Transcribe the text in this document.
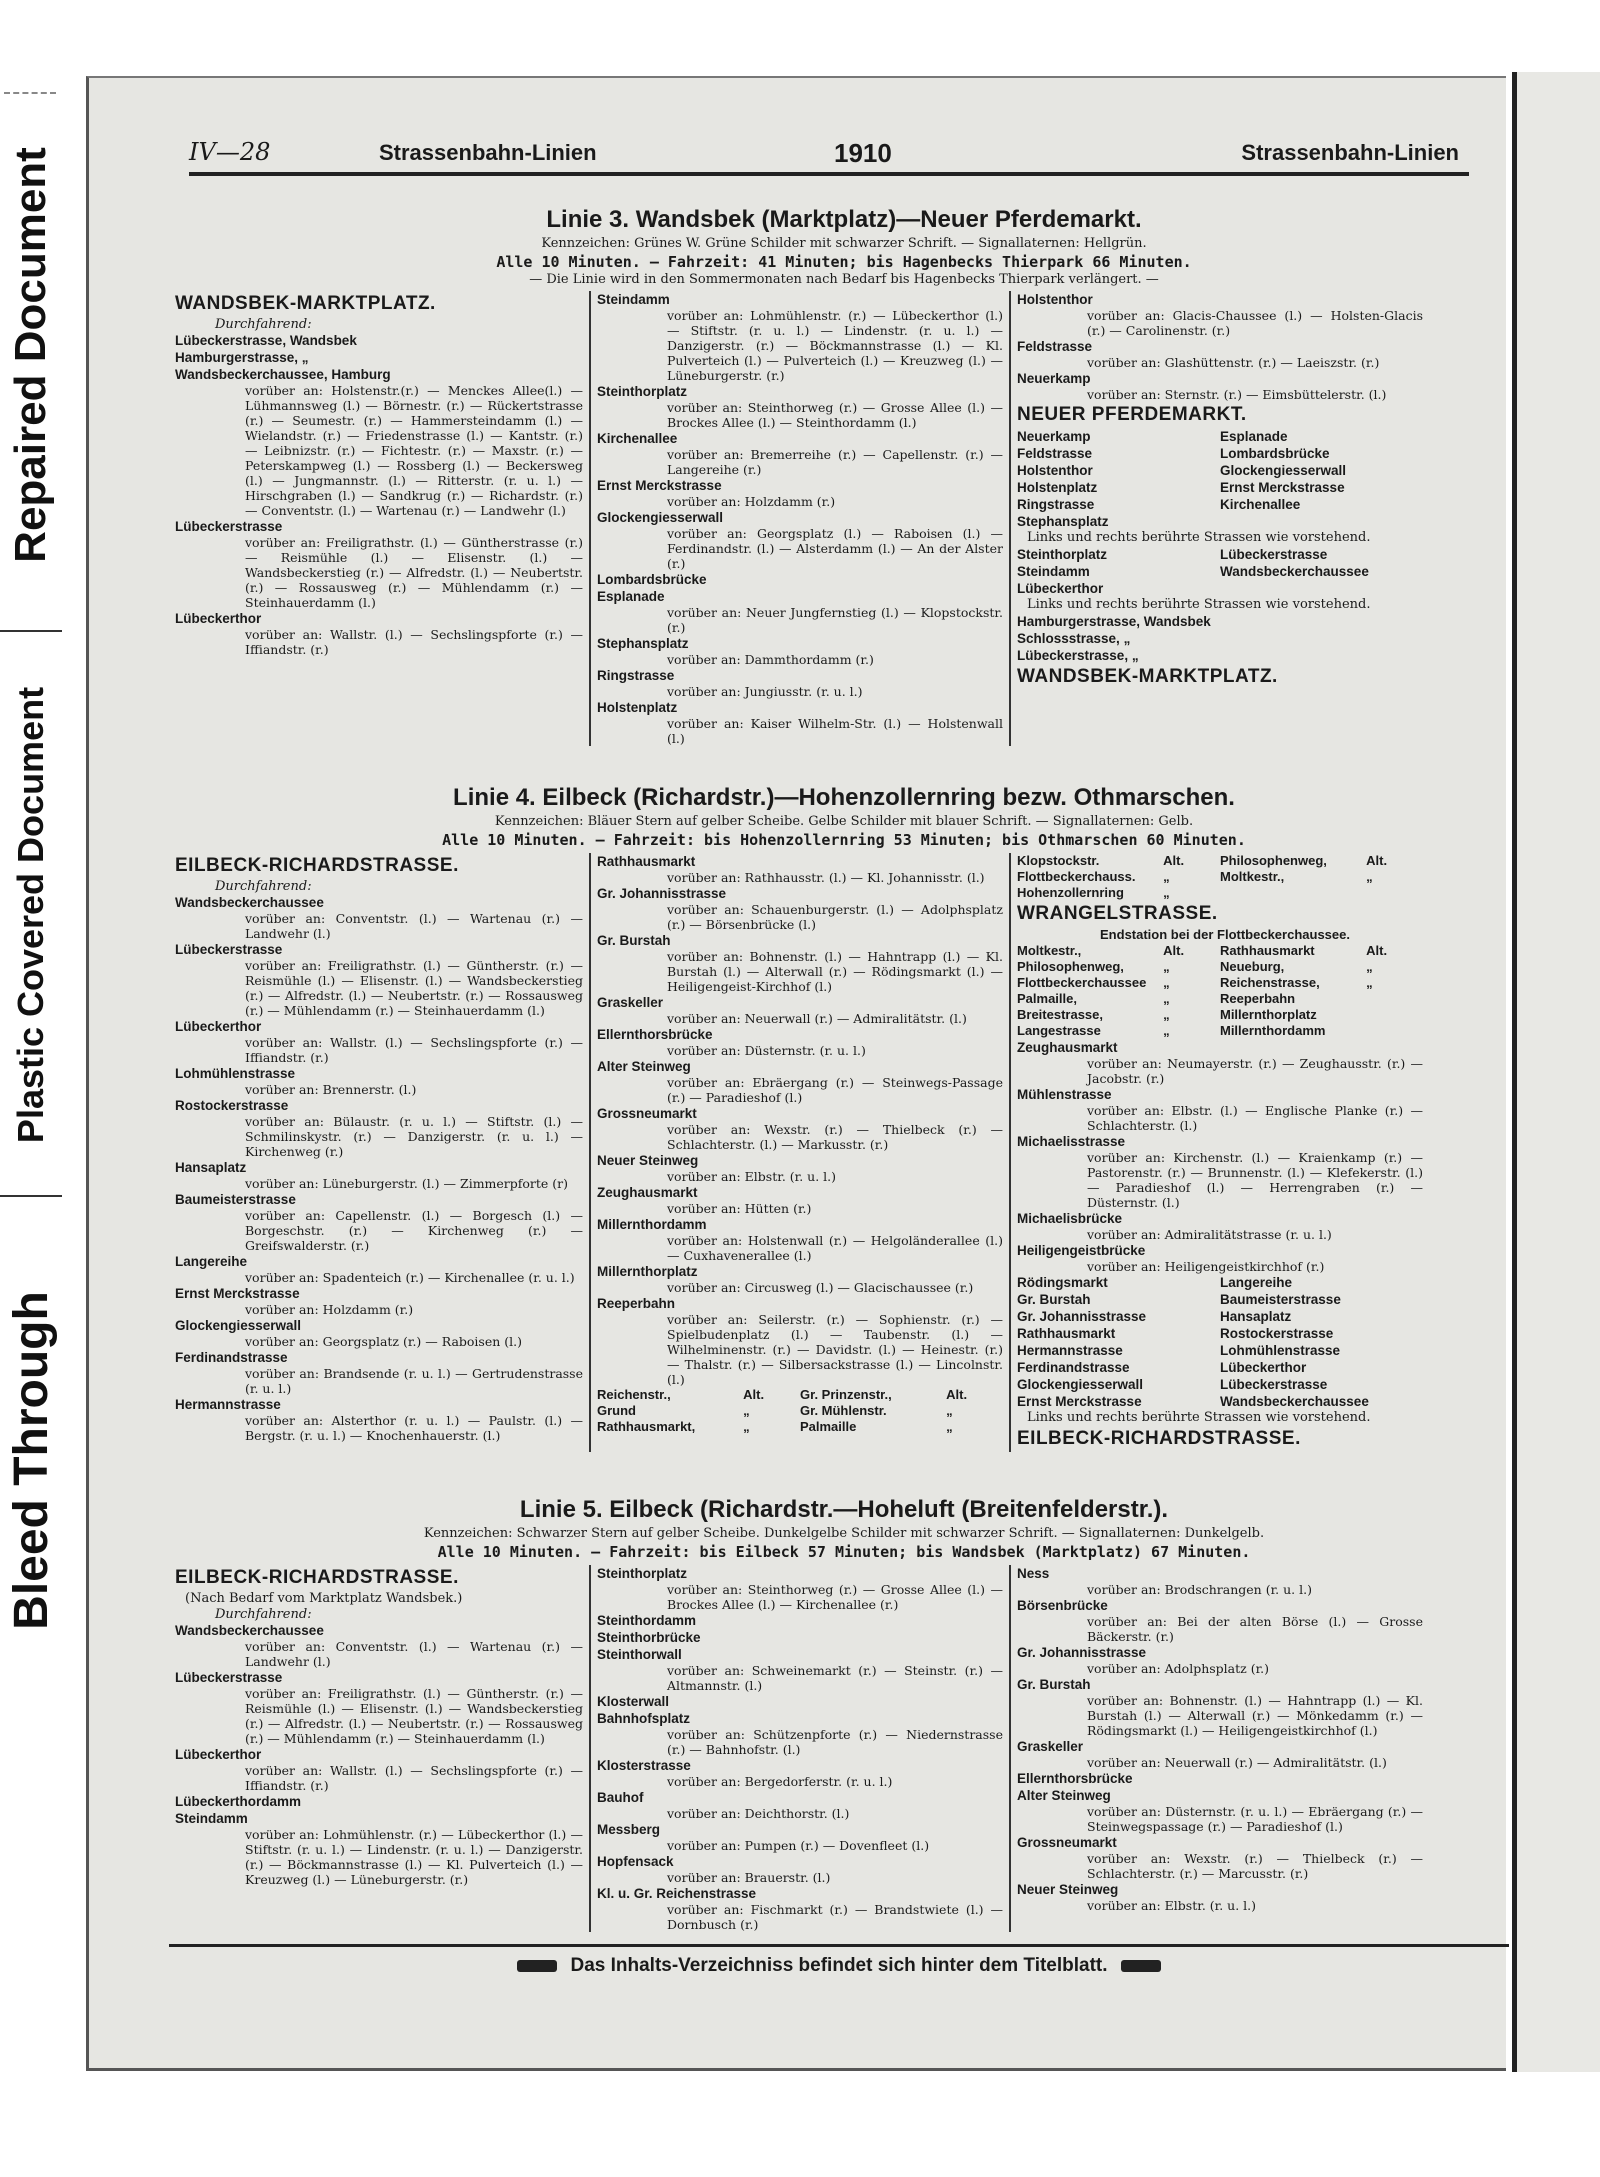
Repaired Document
Plastic Covered Document
Bleed Through
IV—28	Strassenbahn-Linien	1910	Strassenbahn-Linien

Linie 3. Wandsbek (Marktplatz)—Neuer Pferdemarkt.

Kennzeichen: Grünes W. Grüne Schilder mit schwarzer Schrift. — Signallaternen: Hellgrün.

Alle 10 Minuten. — Fahrzeit: 41 Minuten; bis Hagenbecks Thierpark 66 Minuten.

— Die Linie wird in den Sommermonaten nach Bedarf bis Hagenbecks Thierpark verlängert. —

WANDSBEK-MARKTPLATZ.
Durchfahrend:
Lübeckerstrasse, Wandsbek
Hamburgerstrasse, „
Wandsbeckerchaussee, Hamburg
vorüber an: Holstenstr.(r.) — Menckes Allee(l.) — Lühmannsweg (l.) — Börnestr. (r.) — Rückertstrasse (r.) — Seumestr. (r.) — Hammersteindamm (l.) — Wielandstr. (r.) — Friedenstrasse (l.) — Kantstr. (r.) — Leibnizstr. (r.) — Fichtestr. (r.) — Maxstr. (r.) — Peterskampweg (l.) — Rossberg (l.) — Beckersweg (l.) — Jungmannstr. (l.) — Ritterstr. (r. u. l.) — Hirschgraben (l.) — Sandkrug (r.) — Richardstr. (r.) — Conventstr. (l.) — Wartenau (r.) — Landwehr (l.)
Lübeckerstrasse
vorüber an: Freiligrathstr. (l.) — Güntherstrasse (r.) — Reismühle (l.) — Elisenstr. (l.) — Wandsbeckerstieg (r.) — Alfredstr. (l.) — Neubertstr. (r.) — Rossausweg (r.) — Mühlendamm (r.) — Steinhauerdamm (l.)
Lübeckerthor
vorüber an: Wallstr. (l.) — Sechslingspforte (r.) — Iffiandstr. (r.)
Steindamm
vorüber an: Lohmühlenstr. (r.) — Lübeckerthor (l.) — Stiftstr. (r. u. l.) — Lindenstr. (r. u. l.) — Danzigerstr. (r.) — Böckmannstrasse (l.) — Kl. Pulverteich (l.) — Pulverteich (l.) — Kreuzweg (l.) — Lüneburgerstr. (r.)
Steinthorplatz
vorüber an: Steinthorweg (r.) — Grosse Allee (l.) — Brockes Allee (l.) — Steinthordamm (l.)
Kirchenallee
vorüber an: Bremerreihe (r.) — Capellenstr. (r.) — Langereihe (r.)
Ernst Merckstrasse
vorüber an: Holzdamm (r.)
Glockengiesserwall
vorüber an: Georgsplatz (l.) — Raboisen (l.) — Ferdinandstr. (l.) — Alsterdamm (l.) — An der Alster (r.)
Lombardsbrücke
Esplanade
vorüber an: Neuer Jungfernstieg (l.) — Klopstockstr. (r.)
Stephansplatz
vorüber an: Dammthordamm (r.)
Ringstrasse
vorüber an: Jungiusstr. (r. u. l.)
Holstenplatz
vorüber an: Kaiser Wilhelm-Str. (l.) — Holstenwall (l.)
Holstenthor
vorüber an: Glacis-Chaussee (l.) — Holsten-Glacis (r.) — Carolinenstr. (r.)
Feldstrasse
vorüber an: Glashüttenstr. (r.) — Laeiszstr. (r.)
Neuerkamp
vorüber an: Sternstr. (r.) — Eimsbüttelerstr. (l.)
NEUER PFERDEMARKT.
Neuerkamp	Esplanade
Feldstrasse	Lombardsbrücke
Holstenthor	Glockengiesserwall
Holstenplatz	Ernst Merckstrasse
Ringstrasse	Kirchenallee
Stephansplatz
Links und rechts berührte Strassen wie vorstehend.
Steinthorplatz	Lübeckerstrasse
Steindamm	Wandsbeckerchaussee
Lübeckerthor
Links und rechts berührte Strassen wie vorstehend.
Hamburgerstrasse, Wandsbek
Schlossstrasse, „
Lübeckerstrasse, „
WANDSBEK-MARKTPLATZ.

Linie 4. Eilbeck (Richardstr.)—Hohenzollernring bezw. Othmarschen.

Kennzeichen: Bläuer Stern auf gelber Scheibe. Gelbe Schilder mit blauer Schrift. — Signallaternen: Gelb.

Alle 10 Minuten. — Fahrzeit: bis Hohenzollernring 53 Minuten; bis Othmarschen 60 Minuten.

EILBECK-RICHARDSTRASSE.
Durchfahrend:
Wandsbeckerchaussee
vorüber an: Conventstr. (l.) — Wartenau (r.) — Landwehr (l.)
Lübeckerstrasse
vorüber an: Freiligrathstr. (l.) — Güntherstr. (r.) — Reismühle (l.) — Elisenstr. (l.) — Wandsbeckerstieg (r.) — Alfredstr. (l.) — Neubertstr. (r.) — Rossausweg (r.) — Mühlendamm (r.) — Steinhauerdamm (l.)
Lübeckerthor
vorüber an: Wallstr. (l.) — Sechslingspforte (r.) — Iffiandstr. (r.)
Lohmühlenstrasse
vorüber an: Brennerstr. (l.)
Rostockerstrasse
vorüber an: Bülaustr. (r. u. l.) — Stiftstr. (l.) — Schmilinskystr. (r.) — Danzigerstr. (r. u. l.) — Kirchenweg (r.)
Hansaplatz
vorüber an: Lüneburgerstr. (l.) — Zimmerpforte (r)
Baumeisterstrasse
vorüber an: Capellenstr. (l.) — Borgesch (l.) — Borgeschstr. (r.) — Kirchenweg (r.) — Greifswalderstr. (r.)
Langereihe
vorüber an: Spadenteich (r.) — Kirchenallee (r. u. l.)
Ernst Merckstrasse
vorüber an: Holzdamm (r.)
Glockengiesserwall
vorüber an: Georgsplatz (r.) — Raboisen (l.)
Ferdinandstrasse
vorüber an: Brandsende (r. u. l.) — Gertrudenstrasse (r. u. l.)
Hermannstrasse
vorüber an: Alsterthor (r. u. l.) — Paulstr. (l.) — Bergstr. (r. u. l.) — Knochenhauerstr. (l.)
Rathhausmarkt
vorüber an: Rathhausstr. (l.) — Kl. Johannisstr. (l.)
Gr. Johannisstrasse
vorüber an: Schauenburgerstr. (l.) — Adolphsplatz (r.) — Börsenbrücke (l.)
Gr. Burstah
vorüber an: Bohnenstr. (l.) — Hahntrapp (l.) — Kl. Burstah (l.) — Alterwall (r.) — Rödingsmarkt (l.) — Heiligengeist-Kirchhof (l.)
Graskeller
vorüber an: Neuerwall (r.) — Admiralitätstr. (l.)
Ellernthorsbrücke
vorüber an: Düsternstr. (r. u. l.)
Alter Steinweg
vorüber an: Ebräergang (r.) — Steinwegs-Passage (r.) — Paradieshof (l.)
Grossneumarkt
vorüber an: Wexstr. (r.) — Thielbeck (r.) — Schlachterstr. (l.) — Markusstr. (r.)
Neuer Steinweg
vorüber an: Elbstr. (r. u. l.)
Zeughausmarkt
vorüber an: Hütten (r.)
Millernthordamm
vorüber an: Holstenwall (r.) — Helgoländerallee (l.) — Cuxhavenerallee (l.)
Millernthorplatz
vorüber an: Circusweg (l.) — Glacischaussee (r.)
Reeperbahn
vorüber an: Seilerstr. (r.) — Sophienstr. (r.) — Spielbudenplatz (l.) — Taubenstr. (l.) — Wilhelminenstr. (r.) — Davidstr. (l.) — Heinestr. (r.) — Thalstr. (r.) — Silbersackstrasse (l.) — Lincolnstr. (l.)
Reichenstr.,	Alt.	Gr. Prinzenstr.,	Alt.
Grund	„	Gr. Mühlenstr.	„
Rathhausmarkt,	„	Palmaille	„
Klopstockstr.	Alt.	Philosophenweg,	Alt.
Flottbeckerchauss.	„	Moltkestr.,	„
Hohenzollernring	„
WRANGELSTRASSE.
Endstation bei der Flottbeckerchaussee.
Moltkestr.,	Alt.	Rathhausmarkt	Alt.
Philosophenweg,	„	Neueburg,	„
Flottbeckerchaussee	„	Reichenstrasse,	„
Palmaille,	„	Reeperbahn
Breitestrasse,	„	Millernthorplatz
Langestrasse	„	Millernthordamm
Zeughausmarkt
vorüber an: Neumayerstr. (r.) — Zeughausstr. (r.) — Jacobstr. (r.)
Mühlenstrasse
vorüber an: Elbstr. (l.) — Englische Planke (r.) — Schlachterstr. (l.)
Michaelisstrasse
vorüber an: Kirchenstr. (l.) — Kraienkamp (r.) — Pastorenstr. (r.) — Brunnenstr. (l.) — Klefekerstr. (l.) — Paradieshof (l.) — Herrengraben (r.) — Düsternstr. (l.)
Michaelisbrücke
vorüber an: Admiralitätstrasse (r. u. l.)
Heiligengeistbrücke
vorüber an: Heiligengeistkirchhof (r.)
Rödingsmarkt	Langereihe
Gr. Burstah	Baumeisterstrasse
Gr. Johannisstrasse	Hansaplatz
Rathhausmarkt	Rostockerstrasse
Hermannstrasse	Lohmühlenstrasse
Ferdinandstrasse	Lübeckerthor
Glockengiesserwall	Lübeckerstrasse
Ernst Merckstrasse	Wandsbeckerchaussee
Links und rechts berührte Strassen wie vorstehend.
EILBECK-RICHARDSTRASSE.

Linie 5. Eilbeck (Richardstr.—Hoheluft (Breitenfelderstr.).

Kennzeichen: Schwarzer Stern auf gelber Scheibe. Dunkelgelbe Schilder mit schwarzer Schrift. — Signallaternen: Dunkelgelb.

Alle 10 Minuten. — Fahrzeit: bis Eilbeck 57 Minuten; bis Wandsbek (Marktplatz) 67 Minuten.

EILBECK-RICHARDSTRASSE.
(Nach Bedarf vom Marktplatz Wandsbek.)
Durchfahrend:
Wandsbeckerchaussee
vorüber an: Conventstr. (l.) — Wartenau (r.) — Landwehr (l.)
Lübeckerstrasse
vorüber an: Freiligrathstr. (l.) — Güntherstr. (r.) — Reismühle (l.) — Elisenstr. (l.) — Wandsbeckerstieg (r.) — Alfredstr. (l.) — Neubertstr. (r.) — Rossausweg (r.) — Mühlendamm (r.) — Steinhauerdamm (l.)
Lübeckerthor
vorüber an: Wallstr. (l.) — Sechslingspforte (r.) — Iffiandstr. (r.)
Lübeckerthordamm
Steindamm
vorüber an: Lohmühlenstr. (r.) — Lübeckerthor (l.) — Stiftstr. (r. u. l.) — Lindenstr. (r. u. l.) — Danzigerstr. (r.) — Böckmannstrasse (l.) — Kl. Pulverteich (l.) — Kreuzweg (l.) — Lüneburgerstr. (r.)
Steinthorplatz
vorüber an: Steinthorweg (r.) — Grosse Allee (l.) — Brockes Allee (l.) — Kirchenallee (r.)
Steinthordamm
Steinthorbrücke
Steinthorwall
vorüber an: Schweinemarkt (r.) — Steinstr. (r.) — Altmannstr. (l.)
Klosterwall
Bahnhofsplatz
vorüber an: Schützenpforte (r.) — Niedernstrasse (r.) — Bahnhofstr. (l.)
Klosterstrasse
vorüber an: Bergedorferstr. (r. u. l.)
Bauhof
vorüber an: Deichthorstr. (l.)
Messberg
vorüber an: Pumpen (r.) — Dovenfleet (l.)
Hopfensack
vorüber an: Brauerstr. (l.)
Kl. u. Gr. Reichenstrasse
vorüber an: Fischmarkt (r.) — Brandstwiete (l.) — Dornbusch (r.)
Ness
vorüber an: Brodschrangen (r. u. l.)
Börsenbrücke
vorüber an: Bei der alten Börse (l.) — Grosse Bäckerstr. (r.)
Gr. Johannisstrasse
vorüber an: Adolphsplatz (r.)
Gr. Burstah
vorüber an: Bohnenstr. (l.) — Hahntrapp (l.) — Kl. Burstah (l.) — Alterwall (r.) — Mönkedamm (r.) — Rödingsmarkt (l.) — Heiligengeistkirchhof (l.)
Graskeller
vorüber an: Neuerwall (r.) — Admiralitätstr. (l.)
Ellernthorsbrücke
Alter Steinweg
vorüber an: Düsternstr. (r. u. l.) — Ebräergang (r.) — Steinwegspassage (r.) — Paradieshof (l.)
Grossneumarkt
vorüber an: Wexstr. (r.) — Thielbeck (r.) — Schlachterstr. (r.) — Marcusstr. (r.)
Neuer Steinweg
vorüber an: Elbstr. (r. u. l.)
Das Inhalts-Verzeichniss befindet sich hinter dem Titelblatt.
